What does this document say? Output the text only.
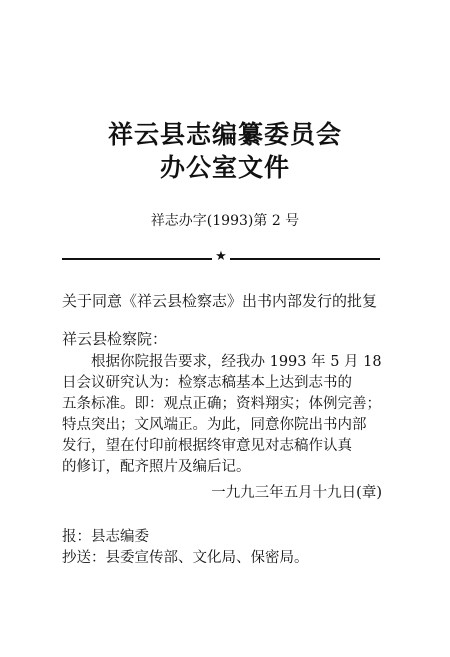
祥云县志编纂委员会
办公室文件
祥志办字(1993)第 2 号
★
关于同意《祥云县检察志》出书内部发行的批复
祥云县检察院：
根据你院报告要求，经我办 1993 年 5 月 18
日会议研究认为：检察志稿基本上达到志书的
五条标准。即：观点正确；资料翔实；体例完善；
特点突出；文风端正。为此，同意你院出书内部
发行，望在付印前根据终审意见对志稿作认真
的修订，配齐照片及编后记。
一九九三年五月十九日(章)
报：县志编委
抄送：县委宣传部、文化局、保密局。
